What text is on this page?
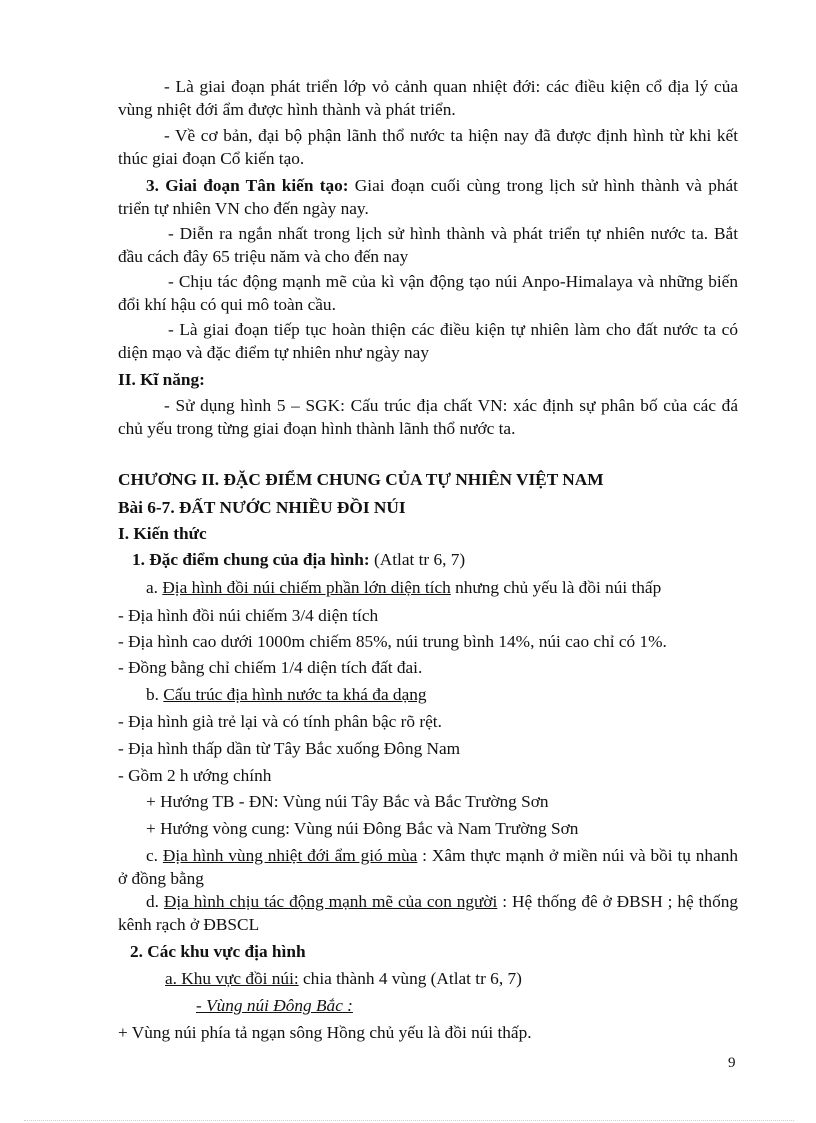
- Là giai đoạn phát triển lớp vỏ cảnh quan nhiệt đới: các điều kiện cổ địa lý của vùng nhiệt đới ẩm được hình thành và phát triển.

- Về cơ bản, đại bộ phận lãnh thổ nước ta hiện nay đã được định hình từ khi kết thúc giai đoạn Cổ kiến tạo.

3. Giai đoạn Tân kiến tạo: Giai đoạn cuối cùng trong lịch sử hình thành và phát triển tự nhiên VN cho đến ngày nay.

- Diễn ra ngắn nhất trong lịch sử hình thành và phát triển tự nhiên nước ta. Bắt đầu cách đây 65 triệu năm và cho đến nay

- Chịu tác động mạnh mẽ của kì vận động tạo núi Anpo-Himalaya và những biến đổi khí hậu có qui mô toàn cầu.

- Là giai đoạn tiếp tục hoàn thiện các điều kiện tự nhiên làm cho đất nước ta có diện mạo và đặc điểm tự nhiên như ngày nay

II. Kĩ năng:

- Sử dụng hình 5 – SGK: Cấu trúc địa chất VN: xác định sự phân bố của các đá chủ yếu trong từng giai đoạn hình thành lãnh thổ nước ta.

CHƯƠNG II. ĐẶC ĐIỂM CHUNG CỦA TỰ NHIÊN VIỆT NAM

Bài 6-7. ĐẤT NƯỚC NHIỀU ĐỒI NÚI

I. Kiến thức

1. Đặc điểm chung của địa hình: (Atlat tr 6, 7)

a. Địa hình đồi núi chiếm phần lớn diện tích nhưng chủ yếu là đồi núi thấp

- Địa hình đồi núi chiếm 3/4 diện tích

- Địa hình cao dưới 1000m chiếm 85%, núi trung bình 14%, núi cao chỉ có 1%.

- Đồng bằng chỉ chiếm 1/4 diện tích đất đai.

b. Cấu trúc địa hình nước ta khá đa dạng

- Địa hình già trẻ lại và có tính phân bậc rõ rệt.

- Địa hình thấp dần từ Tây Bắc xuống Đông Nam

- Gồm 2 h ướng chính

+ Hướng TB - ĐN: Vùng núi Tây Bắc và Bắc Trường Sơn

+ Hướng vòng cung: Vùng núi Đông Bắc và Nam Trường Sơn

c. Địa hình vùng nhiệt đới ẩm gió mùa : Xâm thực mạnh ở miền núi và bồi tụ nhanh ở đồng bằng

d. Địa hình chịu tác động mạnh mẽ của con người : Hệ thống đê ở ĐBSH ; hệ thống kênh rạch ở ĐBSCL

2. Các khu vực địa hình

a. Khu vực đồi núi: chia thành 4 vùng (Atlat tr 6, 7)

- Vùng núi Đông Bắc :

+ Vùng núi phía tả ngạn sông Hồng chủ yếu là đồi núi thấp.

9
